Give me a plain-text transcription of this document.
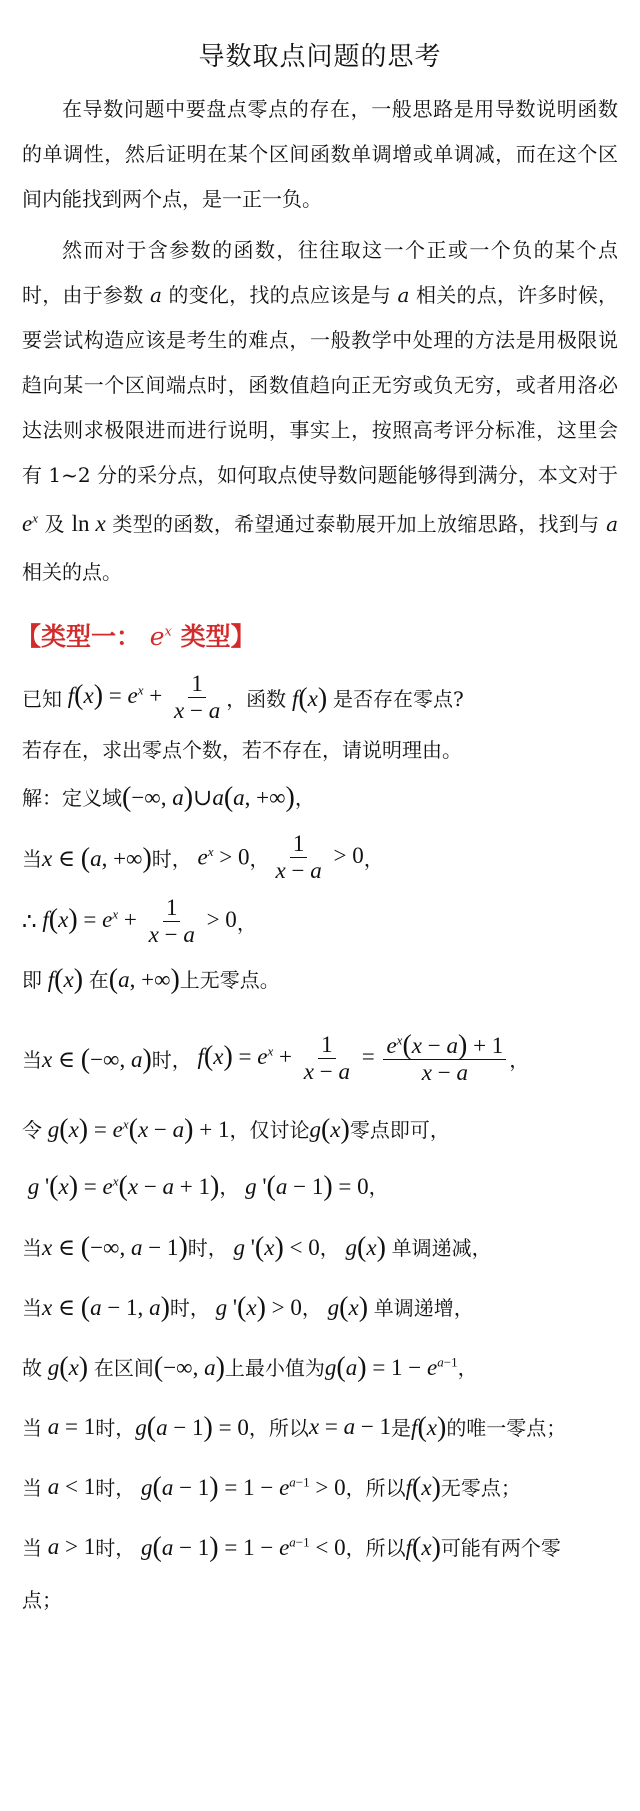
导数取点问题的思考

在导数问题中要盘点零点的存在，一般思路是用导数说明函数的单调性，然后证明在某个区间函数单调增或单调减，而在这个区间内能找到两个点，是一正一负。

然而对于含参数的函数，往往取这一个正或一个负的某个点时，由于参数 a 的变化，找的点应该是与 a 相关的点，许多时候，要尝试构造应该是考生的难点，一般教学中处理的方法是用极限说趋向某一个区间端点时，函数值趋向正无穷或负无穷，或者用洛必达法则求极限进而进行说明，事实上，按照高考评分标准，这里会有 1~2 分的采分点，如何取点使导数问题能够得到满分，本文对于 $e^x$ 及 ln x 类型的函数，希望通过泰勒展开加上放缩思路，找到与 a 相关的点。

【类型一： $e^x$ 类型】
已知 $f(x) = e^x + \frac{1}{x - a}$ ，函数 f(x) 是否存在零点?
若存在，求出零点个数，若不存在，请说明理由。
解：定义域 (−∞, a)∪a(a, +∞) ，
当 x ∈ (a, +∞) 时， $e^x > 0$ ， $\frac{1}{x - a} > 0$ ，
∴ $f(x) = e^x + \frac{1}{x - a} > 0$ ，
即 f(x) 在 (a, +∞) 上无零点。
当 x ∈ (−∞, a) 时， $f(x) = e^x + \frac{1}{x - a} = \frac{e^x(x - a) + 1}{x - a}$ ，
令 $g(x) = e^x(x - a) + 1$ ，仅讨论 g(x) 零点即可，
g '$(x) = e^x(x - a + 1)$ ， g '(a − 1) = 0 ，
当 x ∈ (−∞, a − 1) 时， g '(x) < 0 ， g(x) 单调递减，
当 x ∈ (a − 1, a) 时， g '(x) > 0 ， g(x) 单调递增，
故 g(x) 在区间 (−∞, a) 上最小值为 $g(a) = 1 - e^{a-1}$ ，
当 a = 1 时， g(a − 1) = 0 ，所以 x = a − 1 是 f(x) 的唯一零点；
当 a < 1 时， $g(a - 1) = 1 - e^{a-1} > 0$ ，所以 f(x) 无零点；
当 a > 1 时， $g(a - 1) = 1 - e^{a-1} < 0$ ，所以 f(x) 可能有两个零
点；
